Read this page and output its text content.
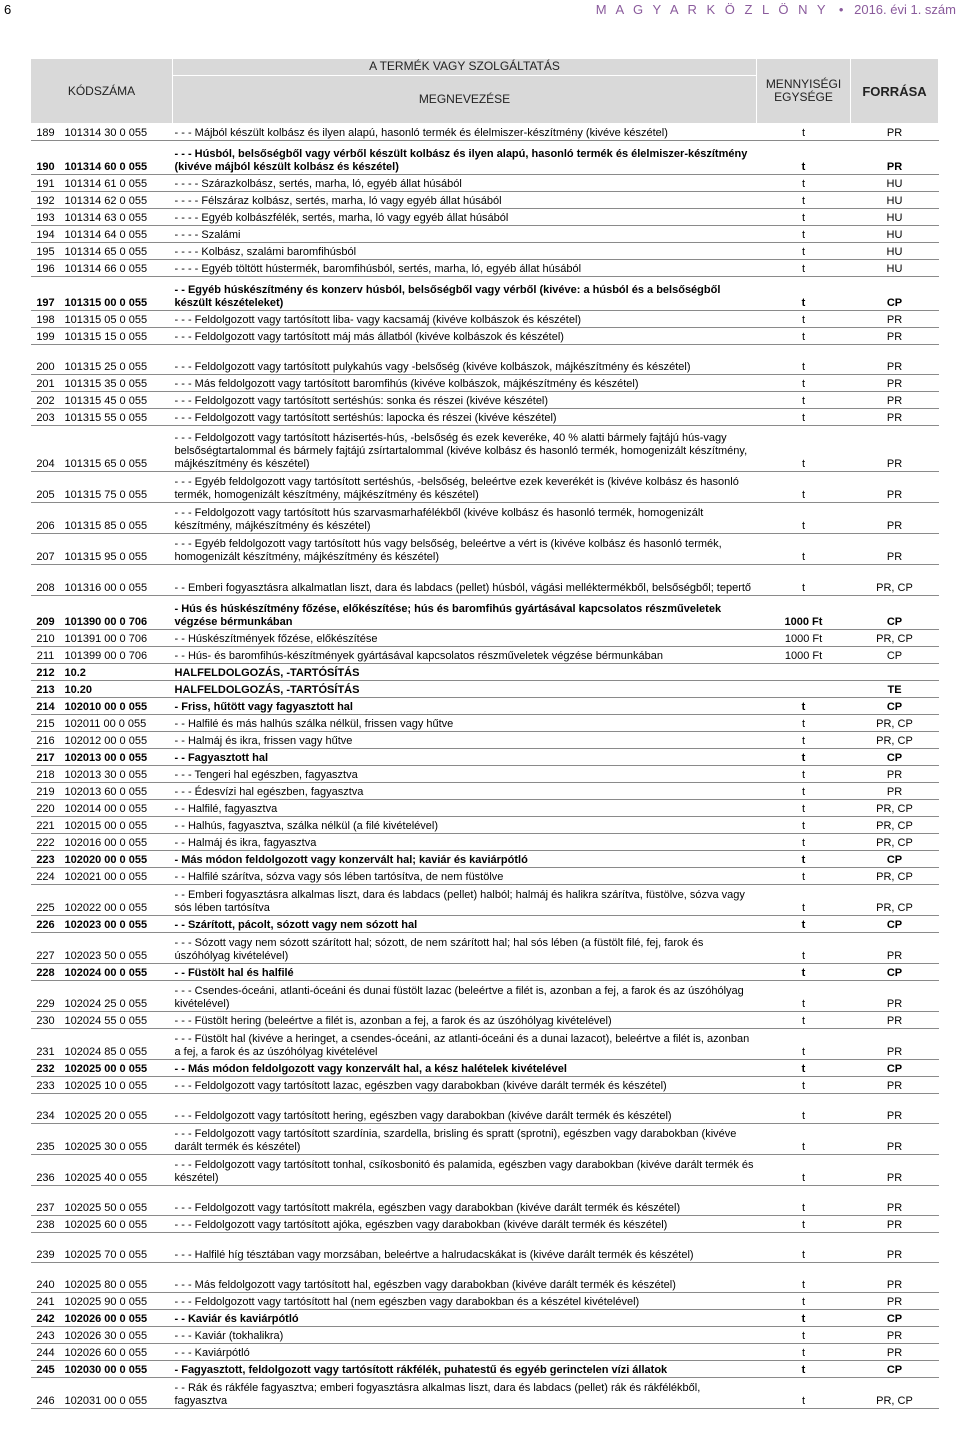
6	M A G Y A R K Ö Z L Ö N Y • 2016. évi 1. szám
KÓDSZÁMA		A TERMÉK VAGY SZOLGÁLTATÁS	MENNYISÉGI EGYSÉGE	FORRÁSA
		MEGNEVEZÉSE		
189	101314 30 0 055	- - - Májból készült kolbász és ilyen alapú, hasonló termék és élelmiszer-készítmény (kivéve készétel)	t	PR
190	101314 60 0 055	- - - Húsból, belsőségből vagy vérből készült kolbász és ilyen alapú, hasonló termék és élelmiszer-készítmény (kivéve májból készült kolbász és készétel)	t	PR
191	101314 61 0 055	- - - - Szárazkolbász, sertés, marha, ló, egyéb állat húsából	t	HU
192	101314 62 0 055	- - - - Félszáraz kolbász, sertés, marha, ló vagy egyéb állat húsából	t	HU
193	101314 63 0 055	- - - - Egyéb kolbászfélék, sertés, marha, ló vagy egyéb állat húsából	t	HU
194	101314 64 0 055	- - - - Szalámi	t	HU
195	101314 65 0 055	- - - - Kolbász, szalámi baromfihúsból	t	HU
196	101314 66 0 055	- - - - Egyéb töltött hústermék, baromfihúsból, sertés, marha, ló, egyéb állat húsából	t	HU
197	101315 00 0 055	- - Egyéb húskészítmény és konzerv húsból, belsőségből vagy vérből (kivéve: a húsból és a belsőségből készült készételeket)	t	CP
198	101315 05 0 055	- - - Feldolgozott vagy tartósított liba- vagy kacsamáj (kivéve kolbászok és készétel)	t	PR
199	101315 15 0 055	- - - Feldolgozott vagy tartósított máj más állatból (kivéve kolbászok és készétel)	t	PR
200	101315 25 0 055	- - - Feldolgozott vagy tartósított pulykahús vagy -belsőség (kivéve kolbászok, májkészítmény és készétel)	t	PR
201	101315 35 0 055	- - - Más feldolgozott vagy tartósított baromfihús (kivéve kolbászok, májkészítmény és készétel)	t	PR
202	101315 45 0 055	- - - Feldolgozott vagy tartósított sertéshús: sonka és részei (kivéve készétel)	t	PR
203	101315 55 0 055	- - - Feldolgozott vagy tartósított sertéshús: lapocka és részei (kivéve készétel)	t	PR
204	101315 65 0 055	- - - Feldolgozott vagy tartósított házisertés-hús, -belsőség és ezek keveréke, 40 % alatti bármely fajtájú hús-vagy belsőségtartalommal és bármely fajtájú zsírtartalommal (kivéve kolbász és hasonló termék, homogenizált készítmény, májkészítmény és készétel)	t	PR
205	101315 75 0 055	- - - Egyéb feldolgozott vagy tartósított sertéshús, -belsőség, beleértve ezek keverékét is (kivéve kolbász és hasonló termék, homogenizált készítmény, májkészítmény és készétel)	t	PR
206	101315 85 0 055	- - - Feldolgozott vagy tartósított hús szarvasmarhafélékből (kivéve kolbász és hasonló termék, homogenizált készítmény, májkészítmény és készétel)	t	PR
207	101315 95 0 055	- - - Egyéb feldolgozott vagy tartósított hús vagy belsőség, beleértve a vért is (kivéve kolbász és hasonló termék, homogenizált készítmény, májkészítmény és készétel)	t	PR
208	101316 00 0 055	- - Emberi fogyasztásra alkalmatlan liszt, dara és labdacs (pellet) húsból, vágási melléktermékből, belsőségből; tepertő	t	PR, CP
209	101390 00 0 706	- Hús és húskészítmény főzése, előkészítése; hús és baromfihús gyártásával kapcsolatos részműveletek végzése bérmunkában	1000 Ft	CP
210	101391 00 0 706	- - Húskészítmények főzése, előkészítése	1000 Ft	PR, CP
211	101399 00 0 706	- - Hús- és baromfihús-készítmények gyártásával kapcsolatos részműveletek végzése bérmunkában	1000 Ft	CP
212	10.2	HALFELDOLGOZÁS, -TARTÓSÍTÁS		
213	10.20	HALFELDOLGOZÁS, -TARTÓSÍTÁS		TE
214	102010 00 0 055	- Friss, hűtött vagy fagyasztott hal	t	CP
215	102011 00 0 055	- - Halfilé és más halhús szálka nélkül, frissen vagy hűtve	t	PR, CP
216	102012 00 0 055	- - Halmáj és ikra, frissen vagy hűtve	t	PR, CP
217	102013 00 0 055	- - Fagyasztott hal	t	CP
218	102013 30 0 055	- - - Tengeri hal egészben, fagyasztva	t	PR
219	102013 60 0 055	- - - Édesvízi hal egészben, fagyasztva	t	PR
220	102014 00 0 055	- - Halfilé, fagyasztva	t	PR, CP
221	102015 00 0 055	- - Halhús, fagyasztva, szálka nélkül (a filé kivételével)	t	PR, CP
222	102016 00 0 055	- - Halmáj és ikra, fagyasztva	t	PR, CP
223	102020 00 0 055	- Más módon feldolgozott vagy konzervált hal; kaviár és kaviárpótló	t	CP
224	102021 00 0 055	- - Halfilé szárítva, sózva vagy sós lében tartósítva, de nem füstölve	t	PR, CP
225	102022 00 0 055	- - Emberi fogyasztásra alkalmas liszt, dara és labdacs (pellet) halból; halmáj és halikra szárítva, füstölve, sózva vagy sós lében tartósítva	t	PR, CP
226	102023 00 0 055	- - Szárított, pácolt, sózott vagy nem sózott hal	t	CP
227	102023 50 0 055	- - - Sózott vagy nem sózott szárított hal; sózott, de nem szárított hal; hal sós lében (a füstölt filé, fej, farok és úszóhólyag kivételével)	t	PR
228	102024 00 0 055	- - Füstölt hal és halfilé	t	CP
229	102024 25 0 055	- - - Csendes-óceáni, atlanti-óceáni és dunai füstölt lazac (beleértve a filét is, azonban a fej, a farok és az úszóhólyag kivételével)	t	PR
230	102024 55 0 055	- - - Füstölt hering (beleértve a filét is, azonban a fej, a farok és az úszóhólyag kivételével)	t	PR
231	102024 85 0 055	- - - Füstölt hal (kivéve a heringet, a csendes-óceáni, az atlanti-óceáni és a dunai lazacot), beleértve a filét is, azonban a fej, a farok és az úszóhólyag kivételével	t	PR
232	102025 00 0 055	- - Más módon feldolgozott vagy konzervált hal, a kész halételek kivételével	t	CP
233	102025 10 0 055	- - - Feldolgozott vagy tartósított lazac, egészben vagy darabokban (kivéve darált termék és készétel)	t	PR
234	102025 20 0 055	- - - Feldolgozott vagy tartósított hering, egészben vagy darabokban (kivéve darált termék és készétel)	t	PR
235	102025 30 0 055	- - - Feldolgozott vagy tartósított szardínia, szardella, brisling és spratt (sprotni), egészben vagy darabokban (kivéve darált termék és készétel)	t	PR
236	102025 40 0 055	- - - Feldolgozott vagy tartósított tonhal, csíkosbonitó és palamida, egészben vagy darabokban (kivéve darált termék és készétel)	t	PR
237	102025 50 0 055	- - - Feldolgozott vagy tartósított makréla, egészben vagy darabokban (kivéve darált termék és készétel)	t	PR
238	102025 60 0 055	- - - Feldolgozott vagy tartósított ajóka, egészben vagy darabokban (kivéve darált termék és készétel)	t	PR
239	102025 70 0 055	- - - Halfilé híg tésztában vagy morzsában, beleértve a halrudacskákat is (kivéve darált termék és készétel)	t	PR
240	102025 80 0 055	- - - Más feldolgozott vagy tartósított hal, egészben vagy darabokban (kivéve darált termék és készétel)	t	PR
241	102025 90 0 055	- - - Feldolgozott vagy tartósított hal (nem egészben vagy darabokban és a készétel kivételével)	t	PR
242	102026 00 0 055	- - Kaviár és kaviárpótló	t	CP
243	102026 30 0 055	- - - Kaviár (tokhalikra)	t	PR
244	102026 60 0 055	- - - Kaviárpótló	t	PR
245	102030 00 0 055	- Fagyasztott, feldolgozott vagy tartósított rákfélék, puhatestű és egyéb gerinctelen vízi állatok	t	CP
246	102031 00 0 055	- - Rák és rákféle fagyasztva; emberi fogyasztásra alkalmas liszt, dara és labdacs (pellet) rák és rákfélékből, fagyasztva	t	PR, CP
